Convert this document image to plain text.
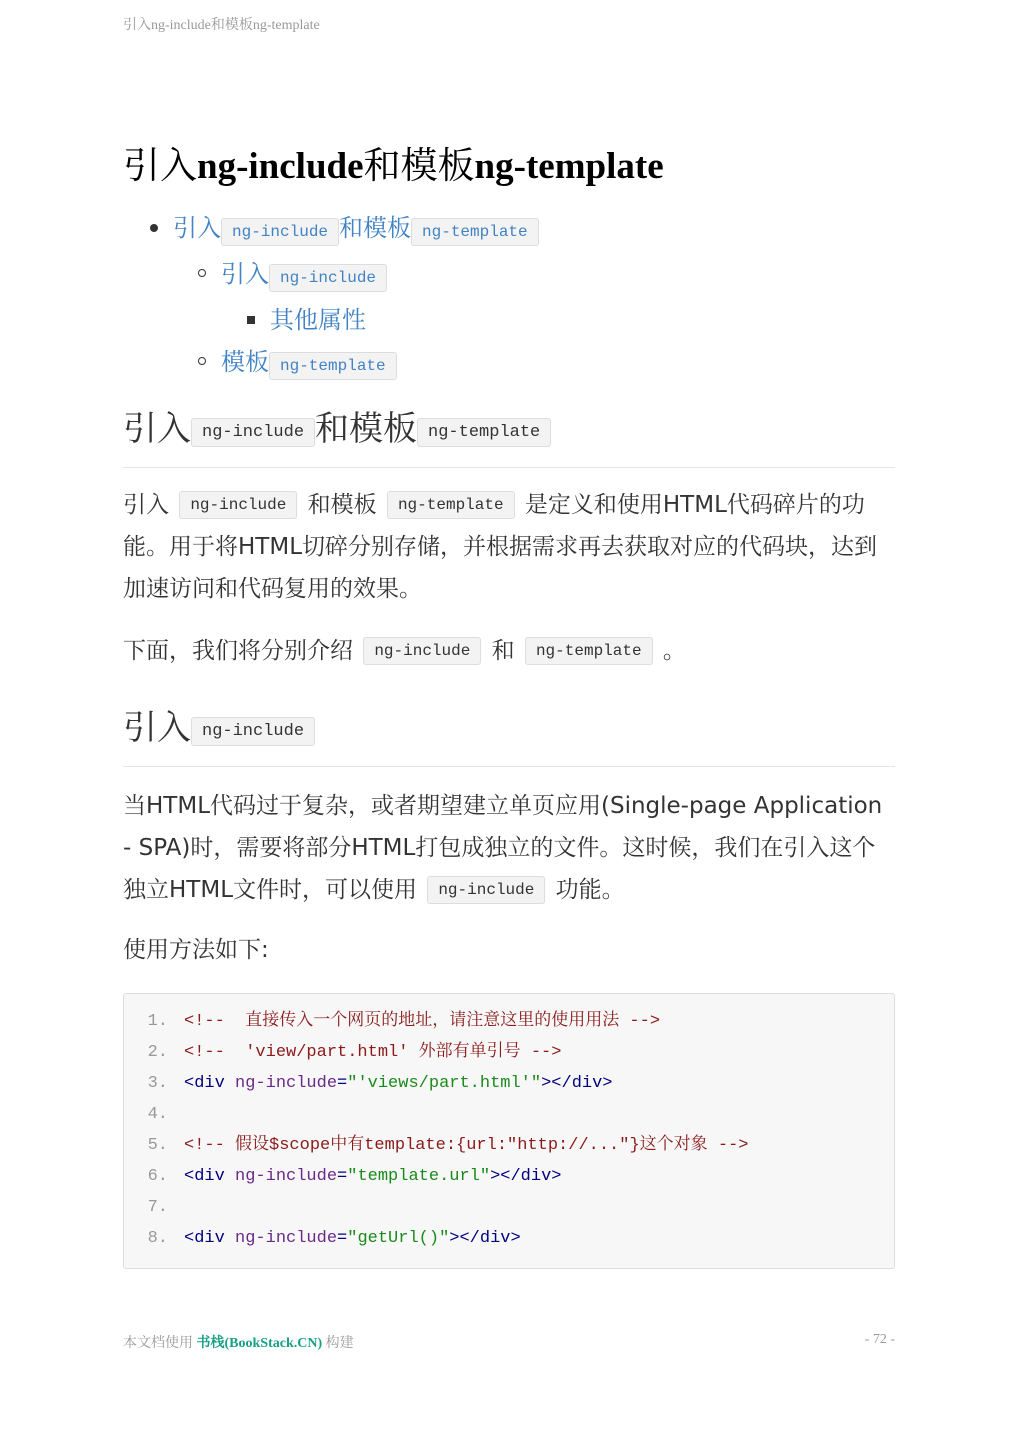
引入ng-include和模板ng-template
引入ng-include和模板ng-template
引入 ng-include 和模板 ng-template
引入 ng-include
其他属性
模板 ng-template
引入 ng-include 和模板 ng-template

引入 ng-include 和模板 ng-template 是定义和使用HTML代码碎片的功能。用于将HTML切碎分别存储，并根据需求再去获取对应的代码块，达到加速访问和代码复用的效果。

下面，我们将分别介绍 ng-include 和 ng-template 。

引入 ng-include

当HTML代码过于复杂，或者期望建立单页应用(Single-page Application - SPA)时，需要将部分HTML打包成独立的文件。这时候，我们在引入这个独立HTML文件时，可以使用 ng-include 功能。

使用方法如下:

1. <!--  直接传入一个网页的地址，请注意这里的使用用法 -->
2. <!--  'view/part.html' 外部有单引号 -->
3. <div ng-include="'views/part.html'"></div>
4.
5. <!-- 假设$scope中有template:{url:"http://..."}这个对象 -->
6. <div ng-include="template.url"></div>
7.
8. <div ng-include="getUrl()"></div>
本文档使用 书栈(BookStack.CN) 构建	- 72 -
